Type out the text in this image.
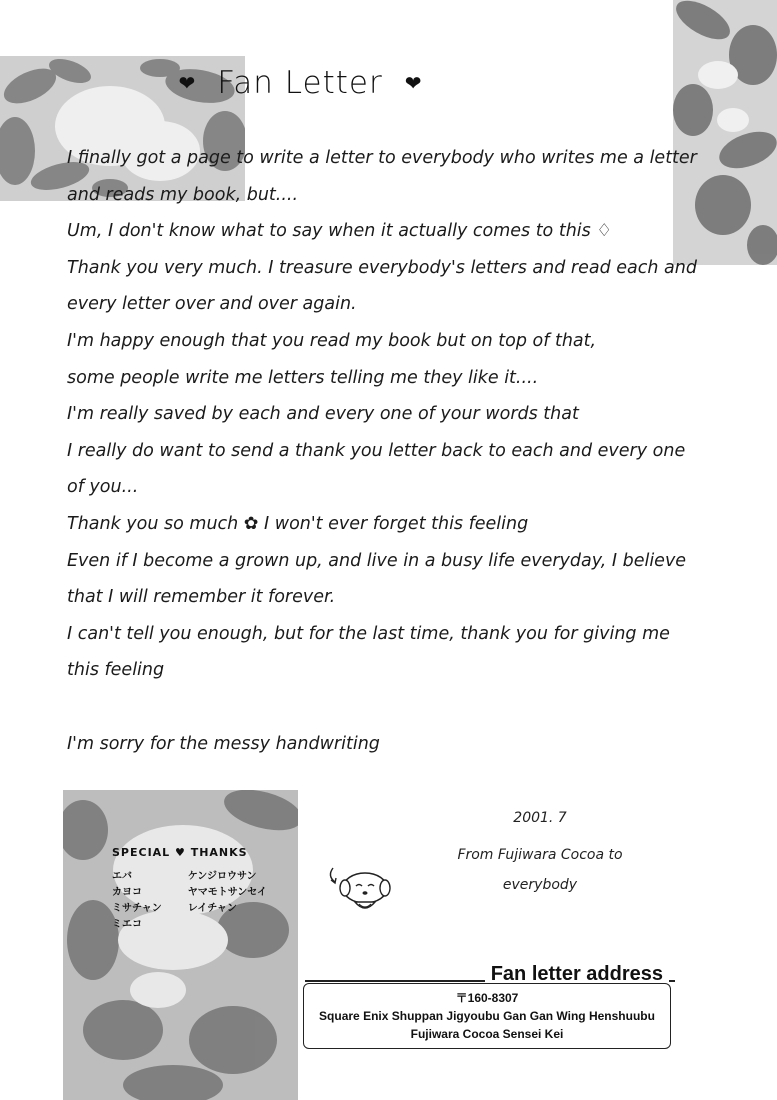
❤ Fan Letter ❤
I finally got a page to write a letter to everybody who writes me a letter
and reads my book, but....
Um, I don't know what to say when it actually comes to this ♢
Thank you very much. I treasure everybody's letters and read each and
every letter over and over again.
I'm happy enough that you read my book but on top of that,
some people write me letters telling me they like it....
I'm really saved by each and every one of your words that
I really do want to send a thank you letter back to each and every one
of you...
Thank you so much ✿ I won't ever forget this feeling
Even if I become a grown up, and live in a busy life everyday, I believe
that I will remember it forever.
I can't tell you enough, but for the last time, thank you for giving me
this feeling
I'm sorry for the messy handwriting
SPECIAL ♥ THANKS
エバ
カヨコ
ミサチャン
ミエコ
ケンジロウサン
ヤマモトサンセイ
レイチャン
2001. 7
From Fujiwara Cocoa to
everybody
Fan letter address
〒160-8307
Square Enix Shuppan Jigyoubu Gan Gan Wing Henshuubu
Fujiwara Cocoa Sensei Kei
